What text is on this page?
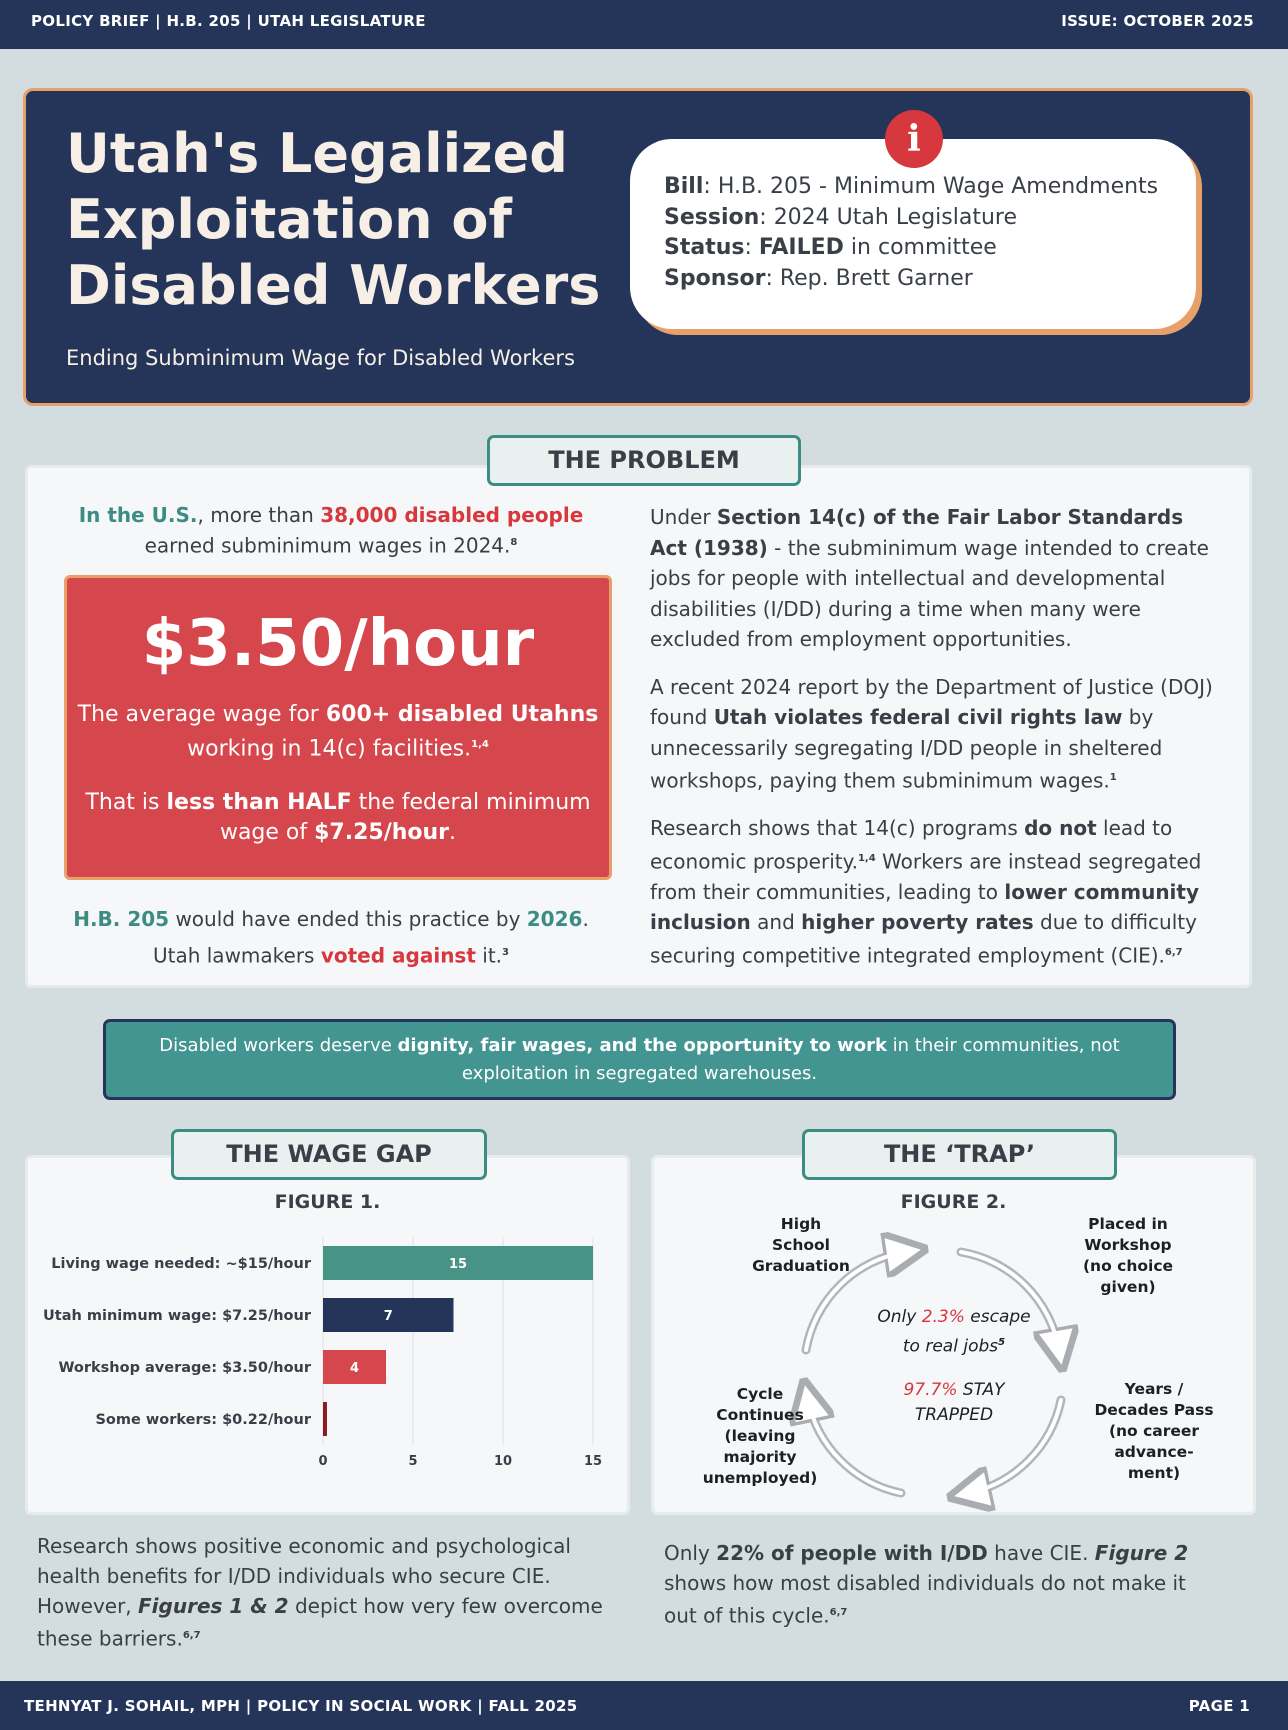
POLICY BRIEF | H.B. 205 | UTAH LEGISLATURE	ISSUE: OCTOBER 2025
Utah's Legalized
Exploitation of
Disabled Workers
Ending Subminimum Wage for Disabled Workers
Bill: H.B. 205 - Minimum Wage Amendments
Session: 2024 Utah Legislature
Status: FAILED in committee
Sponsor: Rep. Brett Garner
i
THE PROBLEM
In the U.S., more than 38,000 disabled people
earned subminimum wages in 2024.$^8$
$3.50/hour
The average wage for 600+ disabled Utahns working in 14(c) facilities.$^{1,4}$
That is less than HALF the federal minimum wage of $7.25/hour.
H.B. 205 would have ended this practice by 2026.
Utah lawmakers voted against it.$^3$

Under Section 14(c) of the Fair Labor Standards Act (1938) - the subminimum wage intended to create jobs for people with intellectual and developmental disabilities (I/DD) during a time when many were excluded from employment opportunities.

A recent 2024 report by the Department of Justice (DOJ) found Utah violates federal civil rights law by unnecessarily segregating I/DD people in sheltered workshops, paying them subminimum wages.$^1$

Research shows that 14(c) programs do not lead to economic prosperity.$^{1,4}$ Workers are instead segregated from their communities, leading to lower community inclusion and higher poverty rates due to difficulty securing competitive integrated employment (CIE).$^{6,7}$

Disabled workers deserve dignity, fair wages, and the opportunity to work in their communities, not exploitation in segregated warehouses.
THE WAGE GAP	THE ‘TRAP’
FIGURE 1.
0	5	10	15
Living wage needed: ~$15/hour	15
Utah minimum wage: $7.25/hour	7
Workshop average: $3.50/hour	4
Some workers: $0.22/hour
FIGURE 2.
High
School
Graduation
Placed in
Workshop
(no choice
given)
Years /
Decades Pass
(no career
advance-
ment)
Cycle
Continues
(leaving
majority
unemployed)
Only 2.3% escape
to real jobs$^5$
97.7% STAY
TRAPPED
Research shows positive economic and psychological health benefits for I/DD individuals who secure CIE. However, Figures 1 & 2 depict how very few overcome these barriers.$^{6,7}$
Only 22% of people with I/DD have CIE. Figure 2 shows how most disabled individuals do not make it out of this cycle.$^{6,7}$
TEHNYAT J. SOHAIL, MPH | POLICY IN SOCIAL WORK | FALL 2025	PAGE 1
